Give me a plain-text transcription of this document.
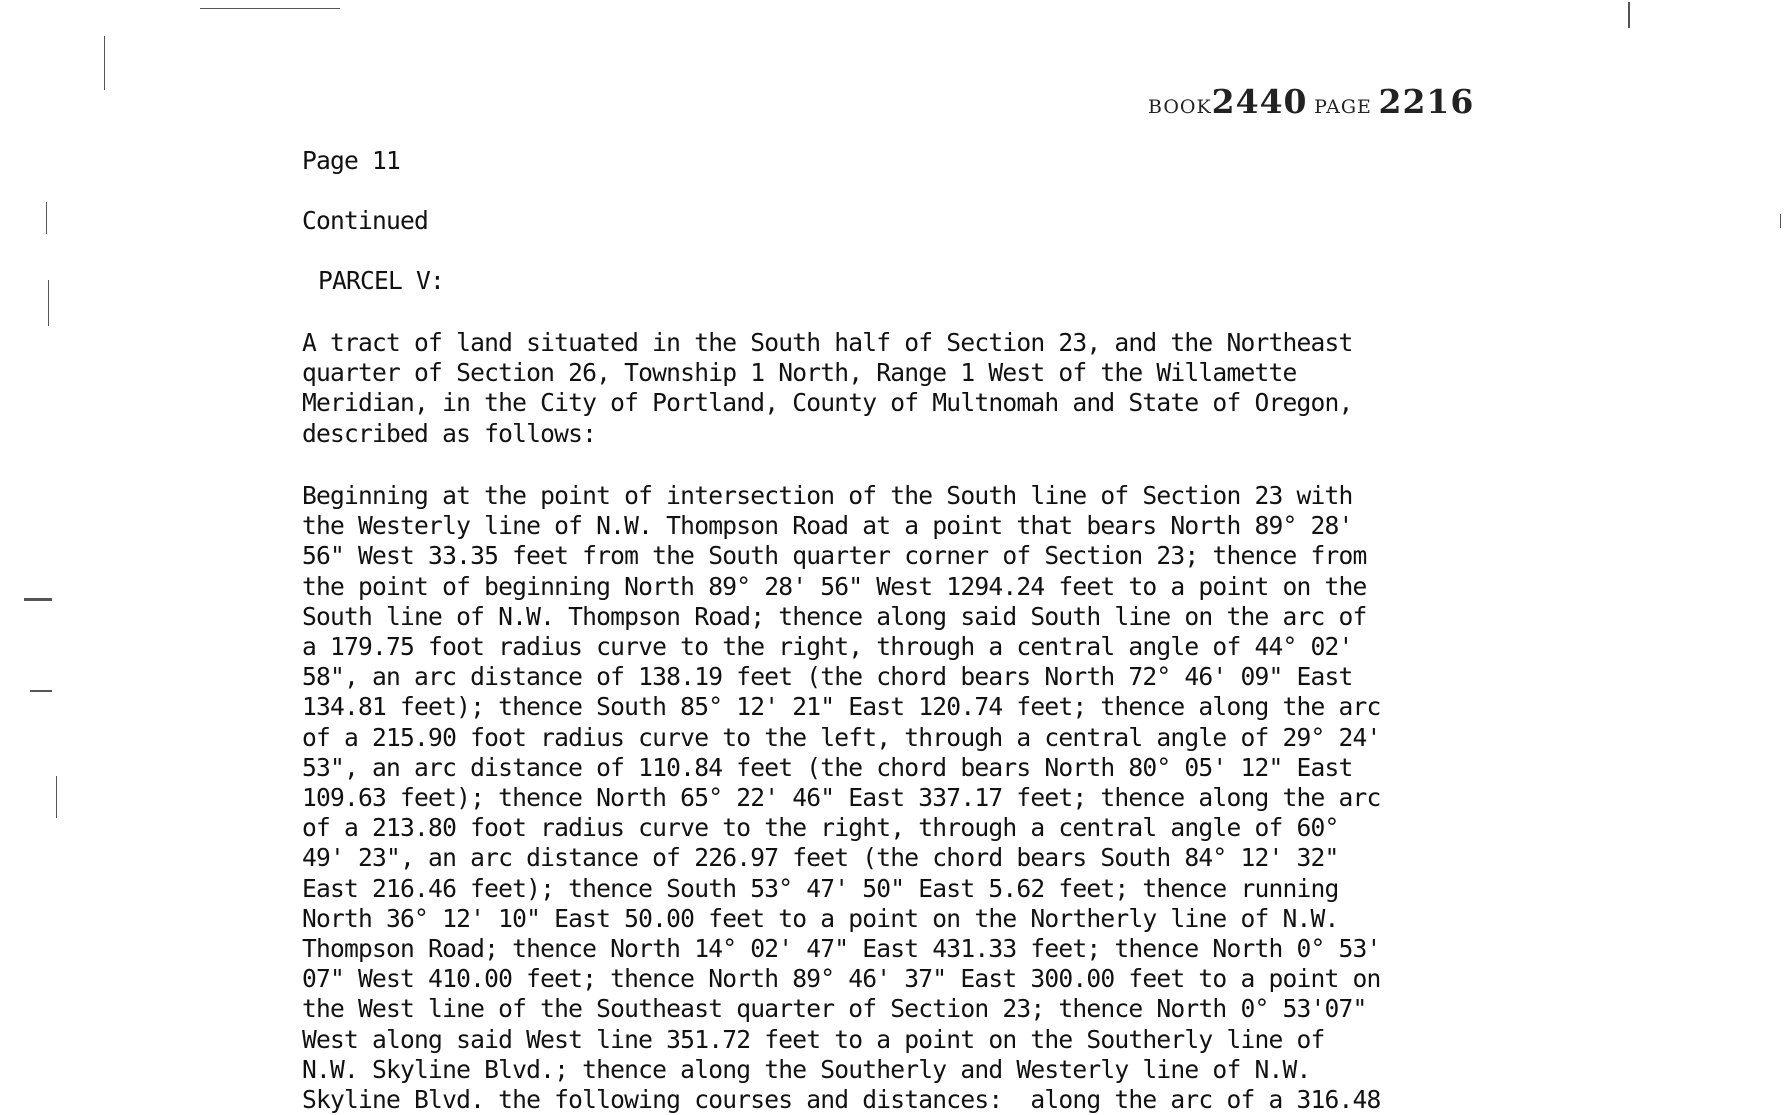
BOOK2440 PAGE 2216
Page 11
Continued
PARCEL V:
A tract of land situated in the South half of Section 23, and the Northeast
quarter of Section 26, Township 1 North, Range 1 West of the Willamette
Meridian, in the City of Portland, County of Multnomah and State of Oregon,
described as follows:
Beginning at the point of intersection of the South line of Section 23 with
the Westerly line of N.W. Thompson Road at a point that bears North 89° 28'
56" West 33.35 feet from the South quarter corner of Section 23; thence from
the point of beginning North 89° 28' 56" West 1294.24 feet to a point on the
South line of N.W. Thompson Road; thence along said South line on the arc of
a 179.75 foot radius curve to the right, through a central angle of 44° 02'
58", an arc distance of 138.19 feet (the chord bears North 72° 46' 09" East
134.81 feet); thence South 85° 12' 21" East 120.74 feet; thence along the arc
of a 215.90 foot radius curve to the left, through a central angle of 29° 24'
53", an arc distance of 110.84 feet (the chord bears North 80° 05' 12" East
109.63 feet); thence North 65° 22' 46" East 337.17 feet; thence along the arc
of a 213.80 foot radius curve to the right, through a central angle of 60°
49' 23", an arc distance of 226.97 feet (the chord bears South 84° 12' 32"
East 216.46 feet); thence South 53° 47' 50" East 5.62 feet; thence running
North 36° 12' 10" East 50.00 feet to a point on the Northerly line of N.W.
Thompson Road; thence North 14° 02' 47" East 431.33 feet; thence North 0° 53'
07" West 410.00 feet; thence North 89° 46' 37" East 300.00 feet to a point on
the West line of the Southeast quarter of Section 23; thence North 0° 53'07"
West along said West line 351.72 feet to a point on the Southerly line of
N.W. Skyline Blvd.; thence along the Southerly and Westerly line of N.W.
Skyline Blvd. the following courses and distances:  along the arc of a 316.48
